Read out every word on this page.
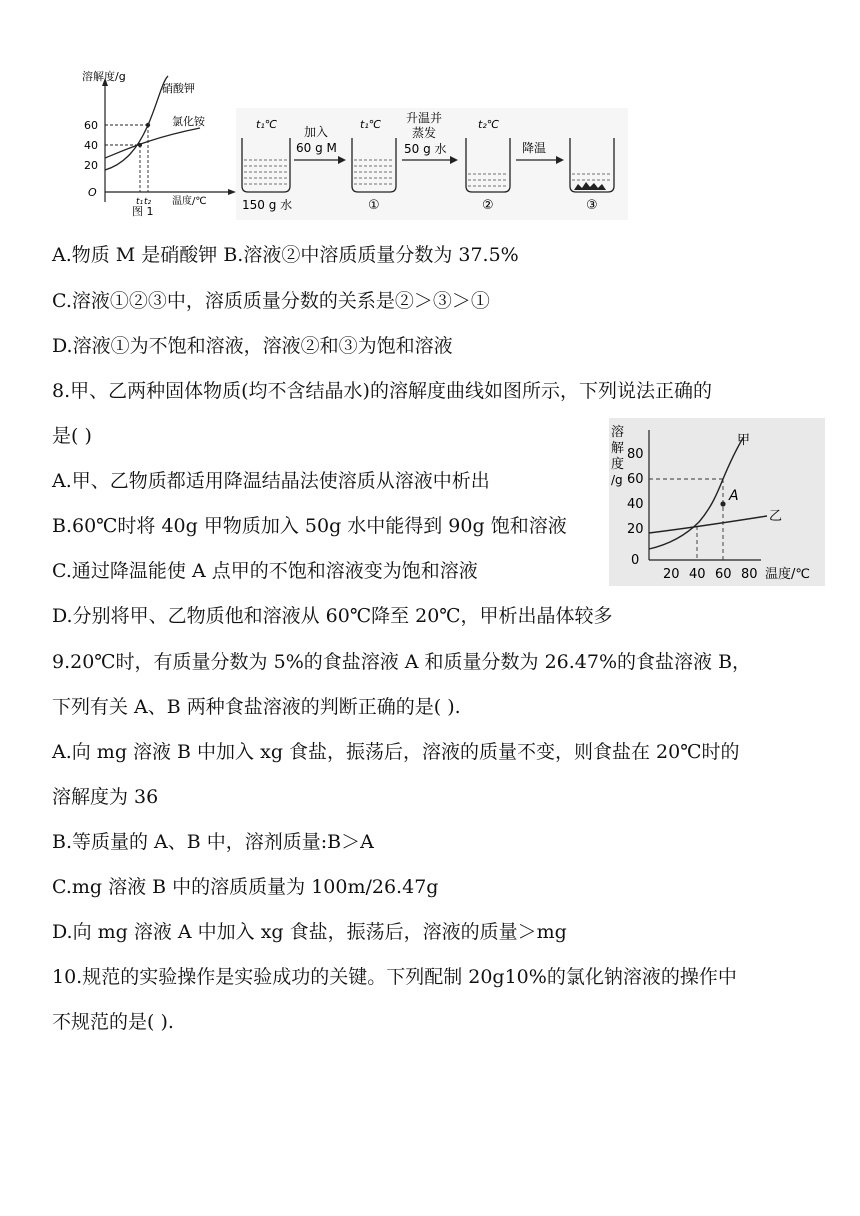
溶解度/g
温度/℃
O
图 1
60
40
20
t₁ t₂
硝酸钾
氯化铵	t₁℃
150 g 水
加入
60 g M
t₁℃
①
升温并
蒸发
50 g 水
t₂℃
②
降温
③
溶
解
度
/g
80
60
40
20
0
20 40 60 80 温度/℃
A
甲
乙
A.物质 M 是硝酸钾 B.溶液②中溶质质量分数为 37.5%
C.溶液①②③中，溶质质量分数的关系是②＞③＞①
D.溶液①为不饱和溶液，溶液②和③为饱和溶液
8.甲、乙两种固体物质(均不含结晶水)的溶解度曲线如图所示，下列说法正确的
是( )
A.甲、乙物质都适用降温结晶法使溶质从溶液中析出
B.60℃时将 40g 甲物质加入 50g 水中能得到 90g 饱和溶液
C.通过降温能使 A 点甲的不饱和溶液变为饱和溶液
D.分别将甲、乙物质他和溶液从 60℃降至 20℃，甲析出晶体较多
9.20℃时，有质量分数为 5%的食盐溶液 A 和质量分数为 26.47%的食盐溶液 B，
下列有关 A、B 两种食盐溶液的判断正确的是( ).
A.向 mg 溶液 B 中加入 xg 食盐，振荡后，溶液的质量不变，则食盐在 20℃时的
溶解度为 36
B.等质量的 A、B 中，溶剂质量:B＞A
C.mg 溶液 B 中的溶质质量为 100m/26.47g
D.向 mg 溶液 A 中加入 xg 食盐，振荡后，溶液的质量＞mg
10.规范的实验操作是实验成功的关键。下列配制 20g10%的氯化钠溶液的操作中
不规范的是( ).
